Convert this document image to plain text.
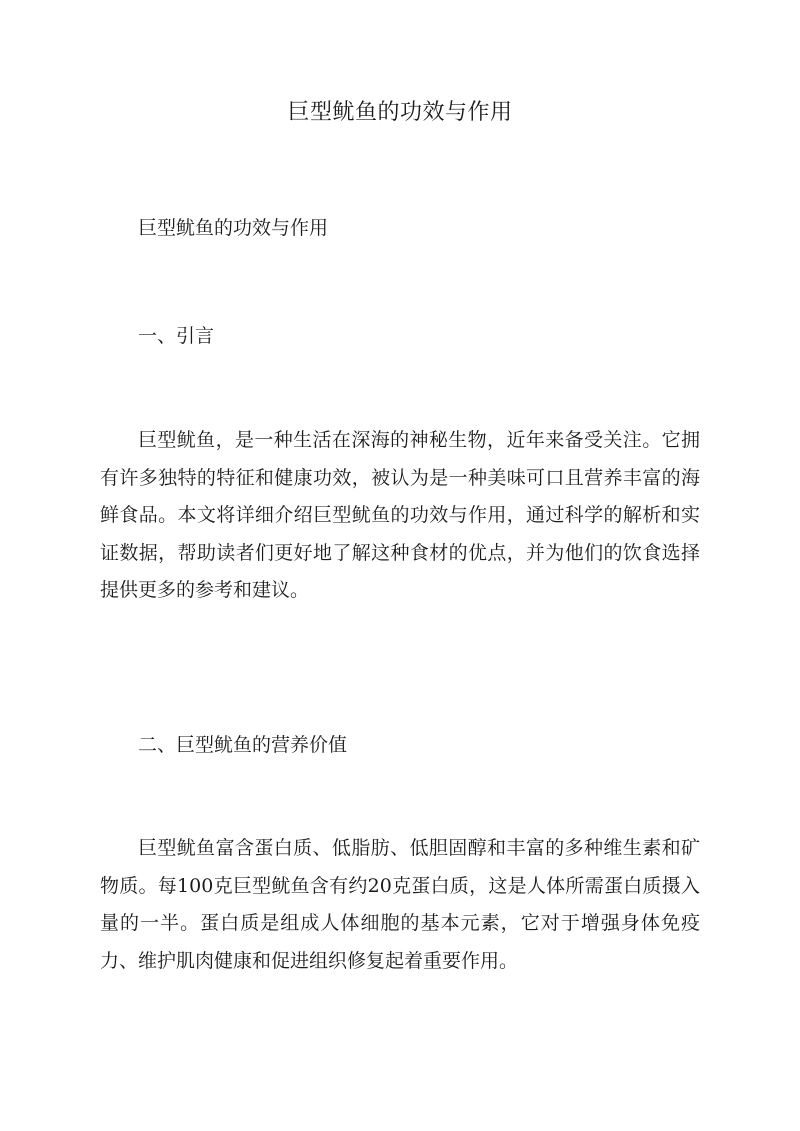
巨型鱿鱼的功效与作用

巨型鱿鱼的功效与作用

一、引言

巨型鱿鱼，是一种生活在深海的神秘生物，近年来备受关注。它拥有许多独特的特征和健康功效，被认为是一种美味可口且营养丰富的海鲜食品。本文将详细介绍巨型鱿鱼的功效与作用，通过科学的解析和实证数据，帮助读者们更好地了解这种食材的优点，并为他们的饮食选择提供更多的参考和建议。

二、巨型鱿鱼的营养价值

巨型鱿鱼富含蛋白质、低脂肪、低胆固醇和丰富的多种维生素和矿物质。每100克巨型鱿鱼含有约20克蛋白质，这是人体所需蛋白质摄入量的一半。蛋白质是组成人体细胞的基本元素，它对于增强身体免疫力、维护肌肉健康和促进组织修复起着重要作用。
